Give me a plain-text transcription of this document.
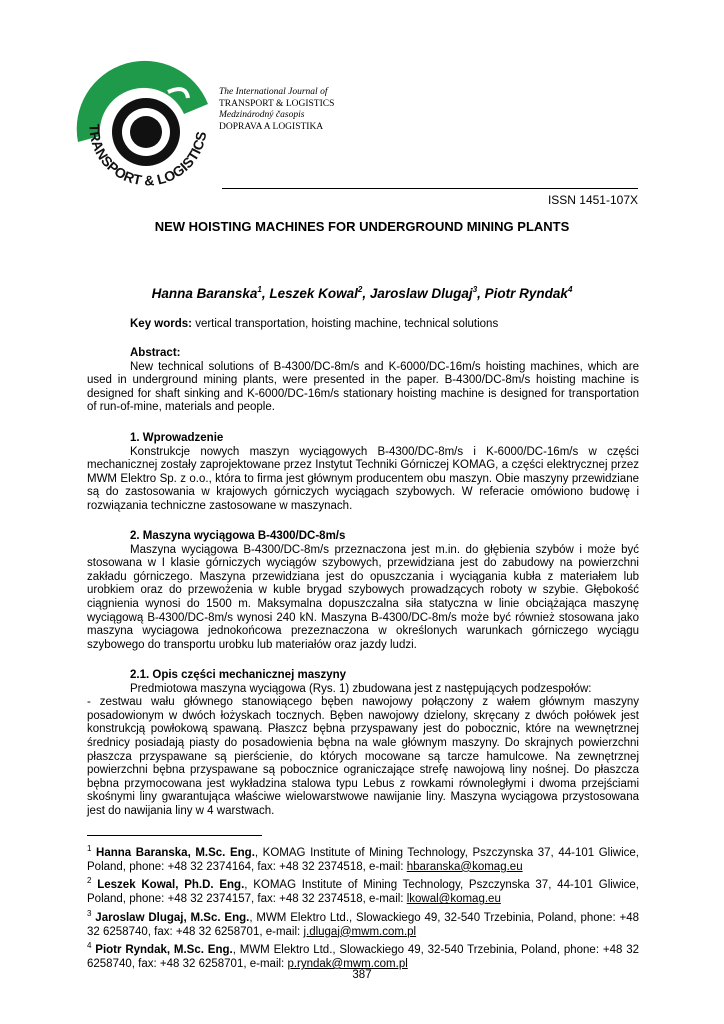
TRANSPORT & LOGISTICS
The International Journal of
TRANSPORT & LOGISTICS
Medzinárodný časopis
DOPRAVA A LOGISTIKA
ISSN 1451-107X
NEW HOISTING MACHINES FOR UNDERGROUND MINING PLANTS
Hanna Baranska$^1$, Leszek Kowal$^2$, Jaroslaw Dlugaj$^3$, Piotr Ryndak$^4$
Key words: vertical transportation, hoisting machine, technical solutions
Abstract:

New technical solutions of B-4300/DC-8m/s and K-6000/DC-16m/s hoisting machines, which are used in underground mining plants, were presented in the paper. B-4300/DC-8m/s hoisting machine is designed for shaft sinking and K-6000/DC-16m/s stationary hoisting machine is designed for transportation of run-of-mine, materials and people.

1. Wprowadzenie

Konstrukcje nowych maszyn wyciągowych B-4300/DC-8m/s i K-6000/DC-16m/s w części mechanicznej zostały zaprojektowane przez Instytut Techniki Górniczej KOMAG, a części elektrycznej przez MWM Elektro Sp. z o.o., która to firma jest głównym producentem obu maszyn. Obie maszyny przewidziane są do zastosowania w krajowych górniczych wyciągach szybowych. W referacie omówiono budowę i rozwiązania techniczne zastosowane w maszynach.

2. Maszyna wyciągowa B-4300/DC-8m/s

Maszyna wyciągowa B-4300/DC-8m/s przeznaczona jest m.in. do głębienia szybów i może być stosowana w I klasie górniczych wyciągów szybowych, przewidziana jest do zabudowy na powierzchni zakładu górniczego. Maszyna przewidziana jest do opuszczania i wyciągania kubła z materiałem lub urobkiem oraz do przewożenia w kuble brygad szybowych prowadzących roboty w szybie. Głębokość ciągnienia wynosi do 1500 m. Maksymalna dopuszczalna siła statyczna w linie obciążająca maszynę wyciągową B-4300/DC-8m/s wynosi 240 kN. Maszyna B-4300/DC-8m/s może być również stosowana jako maszyna wyciagowa jednokońcowa prezeznaczona w określonych warunkach górniczego wyciągu szybowego do transportu urobku lub materiałów oraz jazdy ludzi.

2.1. Opis części mechanicznej maszyny

Predmiotowa maszyna wyciągowa (Rys. 1) zbudowana jest z następujących podzespołów:

- zestwau wału głównego stanowiącego bęben nawojowy połączony z wałem głównym maszyny posadowionym w dwóch łożyskach tocznych. Bęben nawojowy dzielony, skręcany z dwóch połówek jest konstrukcją powłokową spawaną. Płaszcz bębna przyspawany jest do pobocznic, które na wewnętrznej średnicy posiadają piasty do posadowienia bębna na wale głównym maszyny. Do skrajnych powierzchni płaszcza przyspawane są pierścienie, do których mocowane są tarcze hamulcowe. Na zewnętrznej powierzchni bębna przyspawane są pobocznice ograniczające strefę nawojową liny nośnej. Do płaszcza bębna przymocowana jest wykładzina stalowa typu Lebus z rowkami równoległymi i dwoma przejściami skośnymi liny gwarantująca właściwe wielowarstwowe nawijanie liny. Maszyna wyciągowa przystosowana jest do nawijania liny w 4 warstwach.

$^1$ Hanna Baranska, M.Sc. Eng., KOMAG Institute of Mining Technology, Pszczynska 37, 44-101 Gliwice, Poland, phone: +48 32 2374164, fax: +48 32 2374518, e-mail: hbaranska@komag.eu

$^2$ Leszek Kowal, Ph.D. Eng., KOMAG Institute of Mining Technology, Pszczynska 37, 44-101 Gliwice, Poland, phone: +48 32 2374157, fax: +48 32 2374518, e-mail: lkowal@komag.eu

$^3$ Jaroslaw Dlugaj, M.Sc. Eng., MWM Elektro Ltd., Slowackiego 49, 32-540 Trzebinia, Poland, phone: +48 32 6258740, fax: +48 32 6258701, e-mail: j.dlugaj@mwm.com.pl

$^4$ Piotr Ryndak, M.Sc. Eng., MWM Elektro Ltd., Slowackiego 49, 32-540 Trzebinia, Poland, phone: +48 32 6258740, fax: +48 32 6258701, e-mail: p.ryndak@mwm.com.pl

387
